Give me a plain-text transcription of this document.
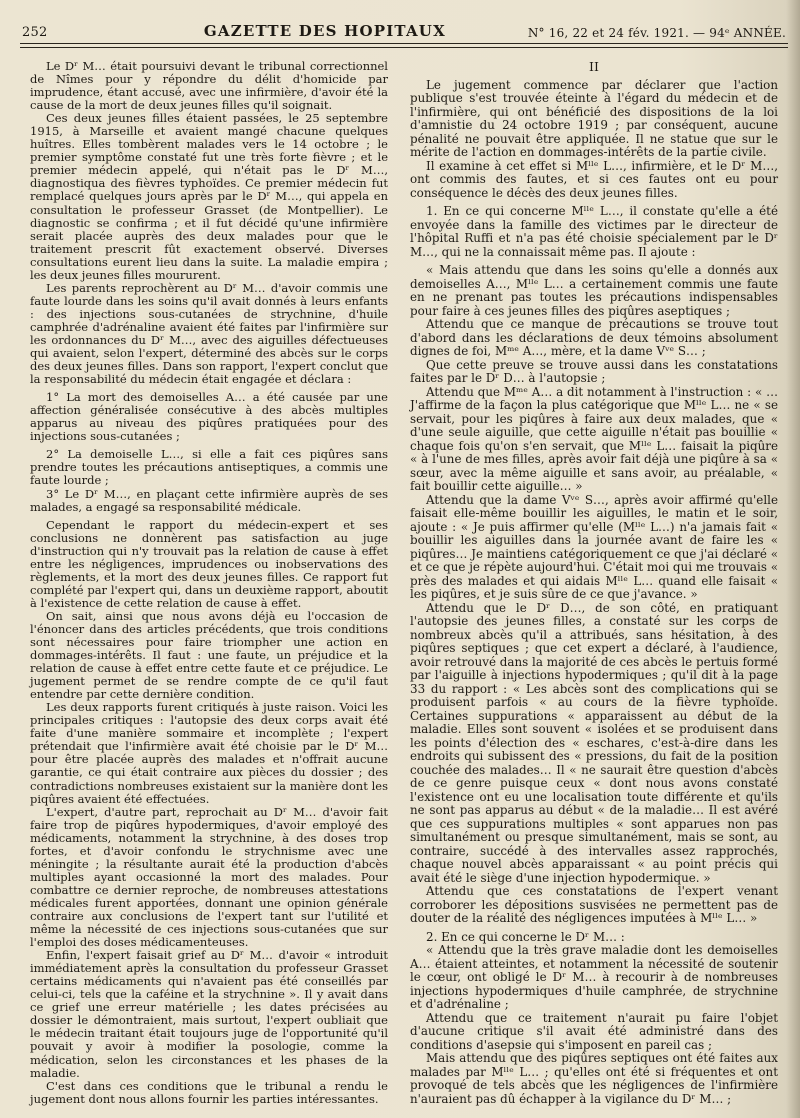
252	GAZETTE DES HOPITAUX	N° 16, 22 et 24 fév. 1921. — 94ᵉ ANNÉE.

Le Dʳ M… était poursuivi devant le tribunal correctionnel de Nîmes pour y répondre du délit d'homicide par imprudence, étant accusé, avec une infirmière, d'avoir été la cause de la mort de deux jeunes filles qu'il soignait.

Ces deux jeunes filles étaient passées, le 25 septembre 1915, à Marseille et avaient mangé chacune quelques huîtres. Elles tombèrent malades vers le 14 octobre ; le premier symptôme constaté fut une très forte fièvre ; et le premier médecin appelé, qui n'était pas le Dʳ M…, diagnostiqua des fièvres typhoïdes. Ce premier médecin fut remplacé quelques jours après par le Dʳ M…, qui appela en consultation le professeur Grasset (de Montpellier). Le diagnostic se confirma ; et il fut décidé qu'une infirmière serait placée auprès des deux malades pour que le traitement prescrit fût exactement observé. Diverses consultations eurent lieu dans la suite. La maladie empira ; les deux jeunes filles moururent.

Les parents reprochèrent au Dʳ M… d'avoir commis une faute lourde dans les soins qu'il avait donnés à leurs enfants : des injections sous-cutanées de strychnine, d'huile camphrée d'adrénaline avaient été faites par l'infirmière sur les ordonnances du Dʳ M…, avec des aiguilles défectueuses qui avaient, selon l'expert, déterminé des abcès sur le corps des deux jeunes filles. Dans son rapport, l'expert conclut que la responsabilité du médecin était engagée et déclara :

1° La mort des demoiselles A… a été causée par une affection généralisée consécutive à des abcès multiples apparus au niveau des piqûres pratiquées pour des injections sous-cutanées ;

2° La demoiselle L…, si elle a fait ces piqûres sans prendre toutes les précautions antiseptiques, a commis une faute lourde ;

3° Le Dʳ M…, en plaçant cette infirmière auprès de ses malades, a engagé sa responsabilité médicale.

Cependant le rapport du médecin-expert et ses conclusions ne donnèrent pas satisfaction au juge d'instruction qui n'y trouvait pas la relation de cause à effet entre les négligences, imprudences ou inobservations des règlements, et la mort des deux jeunes filles. Ce rapport fut complété par l'expert qui, dans un deuxième rapport, aboutit à l'existence de cette relation de cause à effet.

On sait, ainsi que nous avons déjà eu l'occasion de l'énoncer dans des articles précédents, que trois conditions sont nécessaires pour faire triompher une action en dommages-intérêts. Il faut : une faute, un préjudice et la relation de cause à effet entre cette faute et ce préjudice. Le jugement permet de se rendre compte de ce qu'il faut entendre par cette dernière condition.

Les deux rapports furent critiqués à juste raison. Voici les principales critiques : l'autopsie des deux corps avait été faite d'une manière sommaire et incomplète ; l'expert prétendait que l'infirmière avait été choisie par le Dʳ M… pour être placée auprès des malades et n'offrait aucune garantie, ce qui était contraire aux pièces du dossier ; des contradictions nombreuses existaient sur la manière dont les piqûres avaient été effectuées.

L'expert, d'autre part, reprochait au Dʳ M… d'avoir fait faire trop de piqûres hypodermiques, d'avoir employé des médicaments, notamment la strychnine, à des doses trop fortes, et d'avoir confondu le strychnisme avec une méningite ; la résultante aurait été la production d'abcès multiples ayant occasionné la mort des malades. Pour combattre ce dernier reproche, de nombreuses attestations médicales furent apportées, donnant une opinion générale contraire aux conclusions de l'expert tant sur l'utilité et même la nécessité de ces injections sous-cutanées que sur l'emploi des doses médicamenteuses.

Enfin, l'expert faisait grief au Dʳ M… d'avoir « introduit immédiatement après la consultation du professeur Grasset certains médicaments qui n'avaient pas été conseillés par celui-ci, tels que la caféine et la strychnine ». Il y avait dans ce grief une erreur matérielle ; les dates précisées au dossier le démontraient, mais surtout, l'expert oubliait que le médecin traitant était toujours juge de l'opportunité qu'il pouvait y avoir à modifier la posologie, comme la médication, selon les circonstances et les phases de la maladie.

C'est dans ces conditions que le tribunal a rendu le jugement dont nous allons fournir les parties intéressantes.

II

Le jugement commence par déclarer que l'action publique s'est trouvée éteinte à l'égard du médecin et de l'infirmière, qui ont bénéficié des dispositions de la loi d'amnistie du 24 octobre 1919 ; par conséquent, aucune pénalité ne pouvait être appliquée. Il ne statue que sur le mérite de l'action en dommages-intérêts de la partie civile.

Il examine à cet effet si Mˡˡᵉ L…, infirmière, et le Dʳ M…, ont commis des fautes, et si ces fautes ont eu pour conséquence le décès des deux jeunes filles.

1. En ce qui concerne Mˡˡᵉ L…, il constate qu'elle a été envoyée dans la famille des victimes par le directeur de l'hôpital Ruffi et n'a pas été choisie spécialement par le Dʳ M…, qui ne la connaissait même pas. Il ajoute :

« Mais attendu que dans les soins qu'elle a donnés aux demoiselles A…, Mˡˡᵉ L… a certainement commis une faute en ne prenant pas toutes les précautions indispensables pour faire à ces jeunes filles des piqûres aseptiques ;

Attendu que ce manque de précautions se trouve tout d'abord dans les déclarations de deux témoins absolument dignes de foi, Mᵐᵉ A…, mère, et la dame Vᵛᵉ S… ;

Que cette preuve se trouve aussi dans les constatations faites par le Dʳ D… à l'autopsie ;

Attendu que Mᵐᵉ A… a dit notamment à l'instruction : « … J'affirme de la façon la plus catégorique que Mˡˡᵉ L… ne « se servait, pour les piqûres à faire aux deux malades, que « d'une seule aiguille, que cette aiguille n'était pas bouillie « chaque fois qu'on s'en servait, que Mˡˡᵉ L… faisait la piqûre « à l'une de mes filles, après avoir fait déjà une piqûre à sa « sœur, avec la même aiguille et sans avoir, au préalable, « fait bouillir cette aiguille… »

Attendu que la dame Vᵛᵉ S…, après avoir affirmé qu'elle faisait elle-même bouillir les aiguilles, le matin et le soir, ajoute : « Je puis affirmer qu'elle (Mˡˡᵉ L…) n'a jamais fait « bouillir les aiguilles dans la journée avant de faire les « piqûres… Je maintiens catégoriquement ce que j'ai déclaré « et ce que je répète aujourd'hui. C'était moi qui me trouvais « près des malades et qui aidais Mˡˡᵉ L… quand elle faisait « les piqûres, et je suis sûre de ce que j'avance. »

Attendu que le Dʳ D…, de son côté, en pratiquant l'autopsie des jeunes filles, a constaté sur les corps de nombreux abcès qu'il a attribués, sans hésitation, à des piqûres septiques ; que cet expert a déclaré, à l'audience, avoir retrouvé dans la majorité de ces abcès le pertuis formé par l'aiguille à injections hypodermiques ; qu'il dit à la page 33 du rapport : « Les abcès sont des complications qui se produisent parfois « au cours de la fièvre typhoïde. Certaines suppurations « apparaissent au début de la maladie. Elles sont souvent « isolées et se produisent dans les points d'élection des « eschares, c'est-à-dire dans les endroits qui subissent des « pressions, du fait de la position couchée des malades… Il « ne saurait être question d'abcès de ce genre puisque ceux « dont nous avons constaté l'existence ont eu une localisation toute différente et qu'ils ne sont pas apparus au début « de la maladie… Il est avéré que ces suppurations multiples « sont apparues non pas simultanément ou presque simultanément, mais se sont, au contraire, succédé à des intervalles assez rapprochés, chaque nouvel abcès apparaissant « au point précis qui avait été le siège d'une injection hypodermique. »

Attendu que ces constatations de l'expert venant corroborer les dépositions susvisées ne permettent pas de douter de la réalité des négligences imputées à Mˡˡᵉ L… »

2. En ce qui concerne le Dʳ M… :

« Attendu que la très grave maladie dont les demoiselles A… étaient atteintes, et notamment la nécessité de soutenir le cœur, ont obligé le Dʳ M… à recourir à de nombreuses injections hypodermiques d'huile camphrée, de strychnine et d'adrénaline ;

Attendu que ce traitement n'aurait pu faire l'objet d'aucune critique s'il avait été administré dans des conditions d'asepsie qui s'imposent en pareil cas ;

Mais attendu que des piqûres septiques ont été faites aux malades par Mˡˡᵉ L… ; qu'elles ont été si fréquentes et ont provoqué de tels abcès que les négligences de l'infirmière n'auraient pas dû échapper à la vigilance du Dʳ M… ;
